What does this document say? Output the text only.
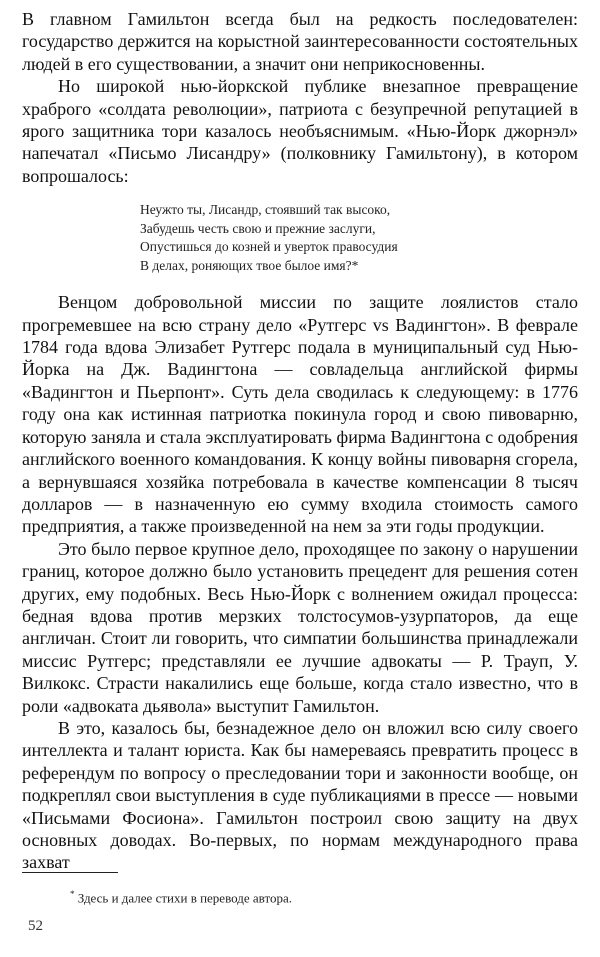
В главном Гамильтон всегда был на редкость последователен: государство держится на корыстной заинтересованности состоятельных людей в его существовании, а значит они неприкосновенны.

Но широкой нью-йоркской публике внезапное превращение храброго «солдата революции», патриота с безупречной репутацией в ярого защитника тори казалось необъяснимым. «Нью-Йорк джорнэл» напечатал «Письмо Лисандру» (полковнику Гамильтону), в котором вопрошалось:

Неужто ты, Лисандр, стоявший так высоко,
Забудешь честь свою и прежние заслуги,
Опустишься до козней и уверток правосудия
В делах, роняющих твое былое имя?*

Венцом добровольной миссии по защите лоялистов стало прогремевшее на всю страну дело «Рутгерс vs Вадингтон». В феврале 1784 года вдова Элизабет Рутгерс подала в муниципальный суд Нью-Йорка на Дж. Вадингтона — совладельца английской фирмы «Вадингтон и Пьерпонт». Суть дела сводилась к следующему: в 1776 году она как истинная патриотка покинула город и свою пивоварню, которую заняла и стала эксплуатировать фирма Вадингтона с одобрения английского военного командования. К концу войны пивоварня сгорела, а вернувшаяся хозяйка потребовала в качестве компенсации 8 тысяч долларов — в назначенную ею сумму входила стоимость самого предприятия, а также произведенной на нем за эти годы продукции.

Это было первое крупное дело, проходящее по закону о нарушении границ, которое должно было установить прецедент для решения сотен других, ему подобных. Весь Нью-Йорк с волнением ожидал процесса: бедная вдова против мерзких толстосумов-узурпаторов, да еще англичан. Стоит ли говорить, что симпатии большинства принадлежали миссис Рутгерс; представляли ее лучшие адвокаты — Р. Трауп, У. Вилкокс. Страсти накалились еще больше, когда стало известно, что в роли «адвоката дьявола» выступит Гамильтон.

В это, казалось бы, безнадежное дело он вложил всю силу своего интеллекта и талант юриста. Как бы намереваясь превратить процесс в референдум по вопросу о преследовании тори и законности вообще, он подкреплял свои выступления в суде публикациями в прессе — новыми «Письмами Фосиона». Гамильтон построил свою защиту на двух основных доводах. Во-первых, по нормам международного права захват

* Здесь и далее стихи в переводе автора.
52
